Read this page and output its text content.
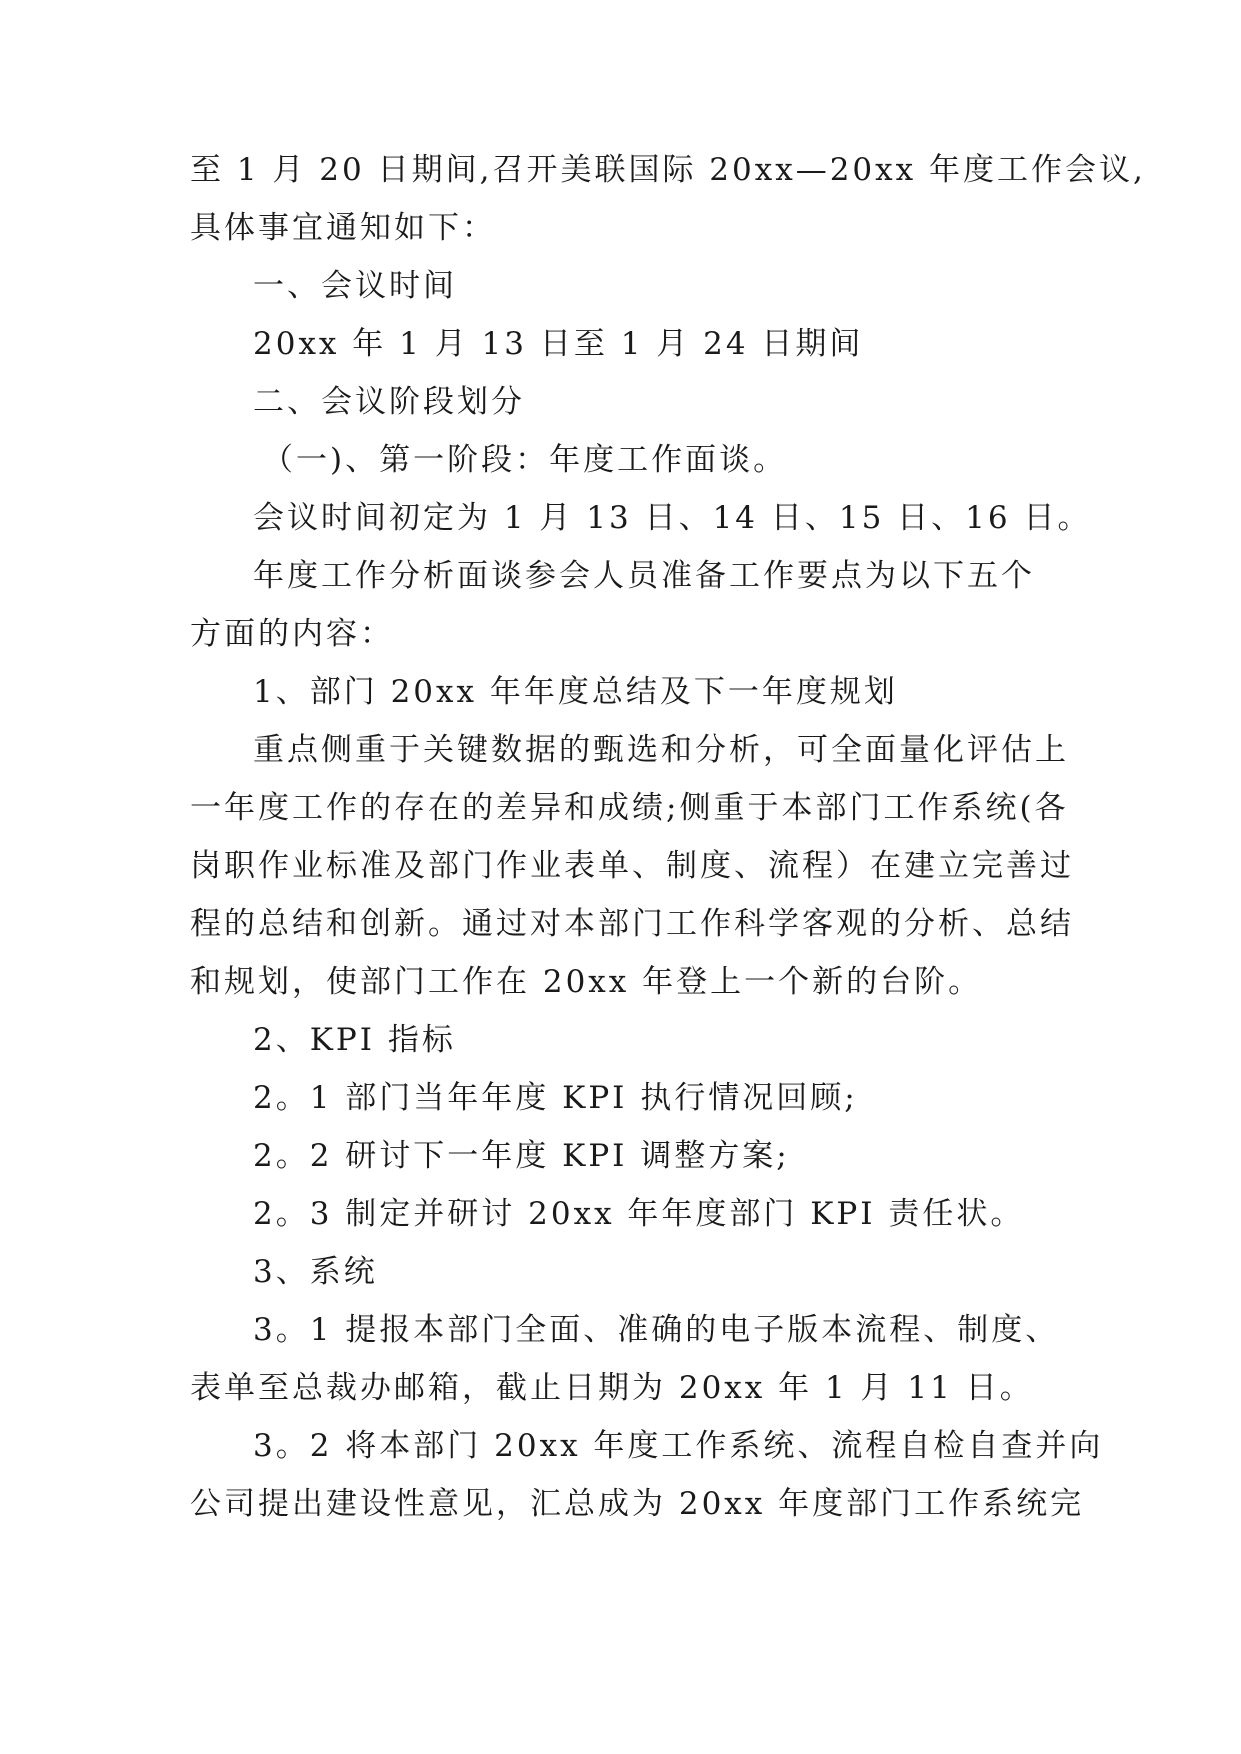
至 1 月 20 日期间,召开美联国际 20xx—20xx 年度工作会议,
具体事宜通知如下：
一、会议时间
20xx 年 1 月 13 日至 1 月 24 日期间
二、会议阶段划分
（一)、第一阶段：年度工作面谈。
会议时间初定为 1 月 13 日、14 日、15 日、16 日。
年度工作分析面谈参会人员准备工作要点为以下五个
方面的内容：
1、部门 20xx 年年度总结及下一年度规划
重点侧重于关键数据的甄选和分析，可全面量化评估上
一年度工作的存在的差异和成绩;侧重于本部门工作系统(各
岗职作业标准及部门作业表单、制度、流程）在建立完善过
程的总结和创新。通过对本部门工作科学客观的分析、总结
和规划，使部门工作在 20xx 年登上一个新的台阶。
2、KPI 指标
2。1 部门当年年度 KPI 执行情况回顾;
2。2 研讨下一年度 KPI 调整方案;
2。3 制定并研讨 20xx 年年度部门 KPI 责任状。
3、系统
3。1 提报本部门全面、准确的电子版本流程、制度、
表单至总裁办邮箱，截止日期为 20xx 年 1 月 11 日。
3。2 将本部门 20xx 年度工作系统、流程自检自查并向
公司提出建设性意见，汇总成为 20xx 年度部门工作系统完
